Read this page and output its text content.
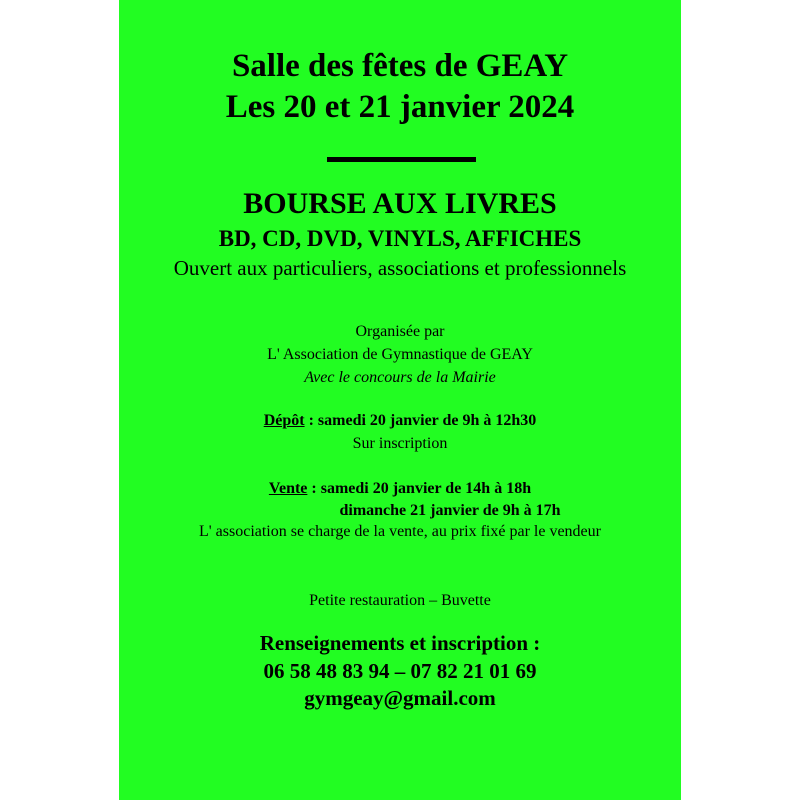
Salle des fêtes de GEAY
Les 20 et 21 janvier 2024
BOURSE AUX LIVRES
BD, CD, DVD, VINYLS, AFFICHES
Ouvert aux particuliers, associations et professionnels
Organisée par
L' Association de Gymnastique de GEAY
Avec le concours de la Mairie
Dépôt : samedi 20 janvier de 9h à 12h30
Sur inscription
Vente : samedi 20 janvier de 14h à 18h
dimanche 21 janvier de 9h à 17h
L' association se charge de la vente, au prix fixé par le vendeur
Petite restauration – Buvette
Renseignements et inscription :
06 58 48 83 94 – 07 82 21 01 69
gymgeay@gmail.com
